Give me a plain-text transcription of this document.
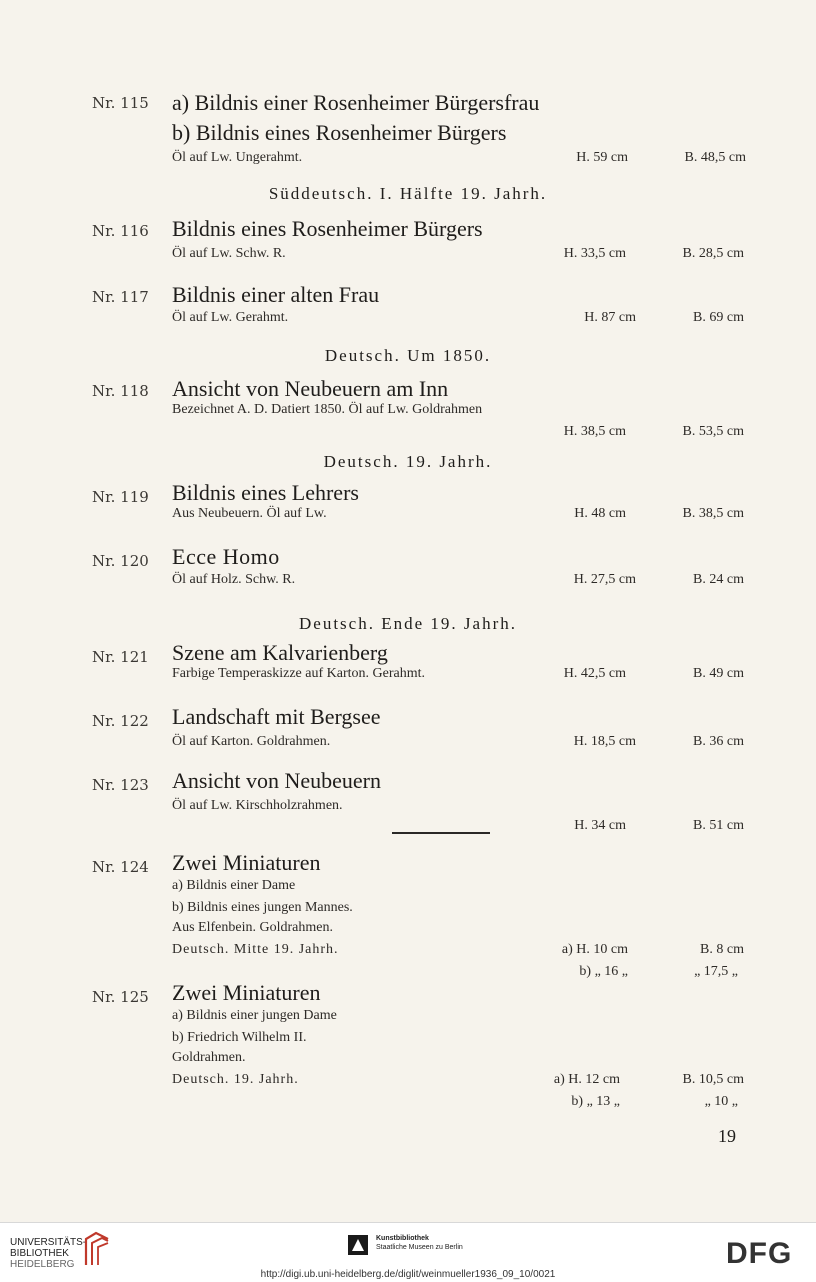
Nr. 115 a) Bildnis einer Rosenheimer Bürgersfrau
b) Bildnis eines Rosenheimer Bürgers
Öl auf Lw. Ungerahmt.	H. 59 cm	B. 48,5 cm
Süddeutsch. I. Hälfte 19. Jahrh.
Nr. 116 Bildnis eines Rosenheimer Bürgers
Öl auf Lw. Schw. R.	H. 33,5 cm	B. 28,5 cm
Nr. 117 Bildnis einer alten Frau
Öl auf Lw. Gerahmt.	H. 87 cm	B. 69 cm
Deutsch. Um 1850.
Nr. 118 Ansicht von Neubeuern am Inn
Bezeichnet A. D. Datiert 1850. Öl auf Lw. Goldrahmen
H. 38,5 cm	B. 53,5 cm
Deutsch. 19. Jahrh.
Nr. 119 Bildnis eines Lehrers
Aus Neubeuern. Öl auf Lw.	H. 48 cm	B. 38,5 cm
Nr. 120 Ecce Homo
Öl auf Holz. Schw. R.	H. 27,5 cm	B. 24 cm
Deutsch. Ende 19. Jahrh.
Nr. 121 Szene am Kalvarienberg
Farbige Temperaskizze auf Karton. Gerahmt.	H. 42,5 cm	B. 49 cm
Nr. 122 Landschaft mit Bergsee
Öl auf Karton. Goldrahmen.	H. 18,5 cm	B. 36 cm
Nr. 123 Ansicht von Neubeuern
Öl auf Lw. Kirschholzrahmen.
H. 34 cm	B. 51 cm
Nr. 124 Zwei Miniaturen
a) Bildnis einer Dame
b) Bildnis eines jungen Mannes.
Aus Elfenbein. Goldrahmen.
Deutsch. Mitte 19. Jahrh.	a) H. 10 cm	B. 8 cm
b) „ 16 „	„ 17,5 „
Nr. 125 Zwei Miniaturen
a) Bildnis einer jungen Dame
b) Friedrich Wilhelm II.
Goldrahmen.
Deutsch. 19. Jahrh.	a) H. 12 cm	B. 10,5 cm
b) „ 13 „	„ 10 „
19
UNIVERSITÄTS-
BIBLIOTHEK
HEIDELBERG
Kunstbibliothek
Staatliche Museen zu Berlin	DFG
http://digi.ub.uni-heidelberg.de/diglit/weinmueller1936_09_10/0021
